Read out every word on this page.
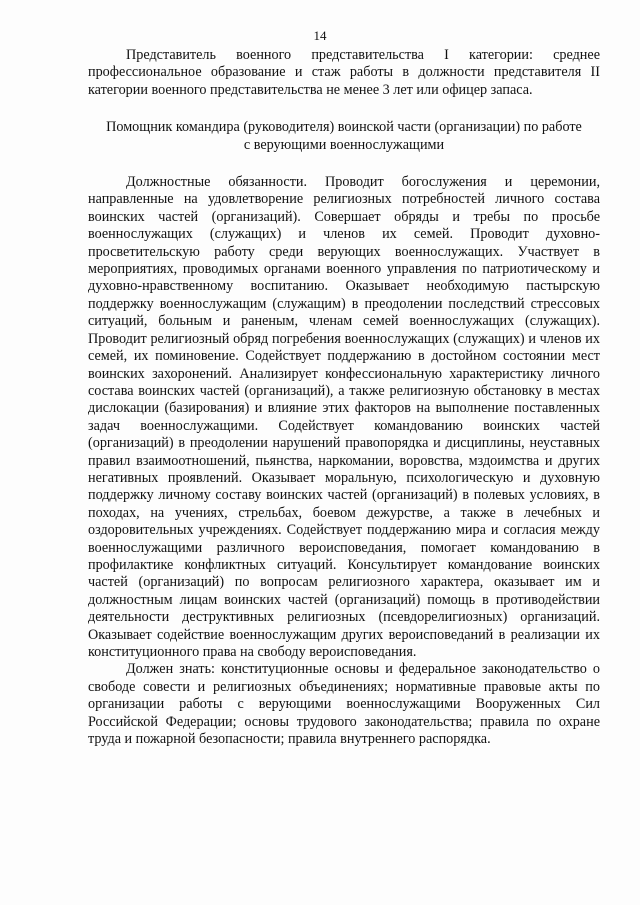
14

Представитель военного представительства I категории: среднее профессиональное образование и стаж работы в должности представителя II категории военного представительства не менее 3 лет или офицер запаса.

Помощник командира (руководителя) воинской части (организации) по работе
с верующими военнослужащими

Должностные обязанности. Проводит богослужения и церемонии, направленные на удовлетворение религиозных потребностей личного состава воинских частей (организаций). Совершает обряды и требы по просьбе военнослужащих (служащих) и членов их семей. Проводит духовно-просветительскую работу среди верующих военнослужащих. Участвует в мероприятиях, проводимых органами военного управления по патриотическому и духовно-нравственному воспитанию. Оказывает необходимую пастырскую поддержку военнослужащим (служащим) в преодолении последствий стрессовых ситуаций, больным и раненым, членам семей военнослужащих (служащих). Проводит религиозный обряд погребения военнослужащих (служащих) и членов их семей, их поминовение. Содействует поддержанию в достойном состоянии мест воинских захоронений. Анализирует конфессиональную характеристику личного состава воинских частей (организаций), а также религиозную обстановку в местах дислокации (базирования) и влияние этих факторов на выполнение поставленных задач военнослужащими. Содействует командованию воинских частей (организаций) в преодолении нарушений правопорядка и дисциплины, неуставных правил взаимоотношений, пьянства, наркомании, воровства, мздоимства и других негативных проявлений. Оказывает моральную, психологическую и духовную поддержку личному составу воинских частей (организаций) в полевых условиях, в походах, на учениях, стрельбах, боевом дежурстве, а также в лечебных и оздоровительных учреждениях. Содействует поддержанию мира и согласия между военнослужащими различного вероисповедания, помогает командованию в профилактике конфликтных ситуаций. Консультирует командование воинских частей (организаций) по вопросам религиозного характера, оказывает им и должностным лицам воинских частей (организаций) помощь в противодействии деятельности деструктивных религиозных (псевдорелигиозных) организаций. Оказывает содействие военнослужащим других вероисповеданий в реализации их конституционного права на свободу вероисповедания.

Должен знать: конституционные основы и федеральное законодательство о свободе совести и религиозных объединениях; нормативные правовые акты по организации работы с верующими военнослужащими Вооруженных Сил Российской Федерации; основы трудового законодательства; правила по охране труда и пожарной безопасности; правила внутреннего распорядка.
